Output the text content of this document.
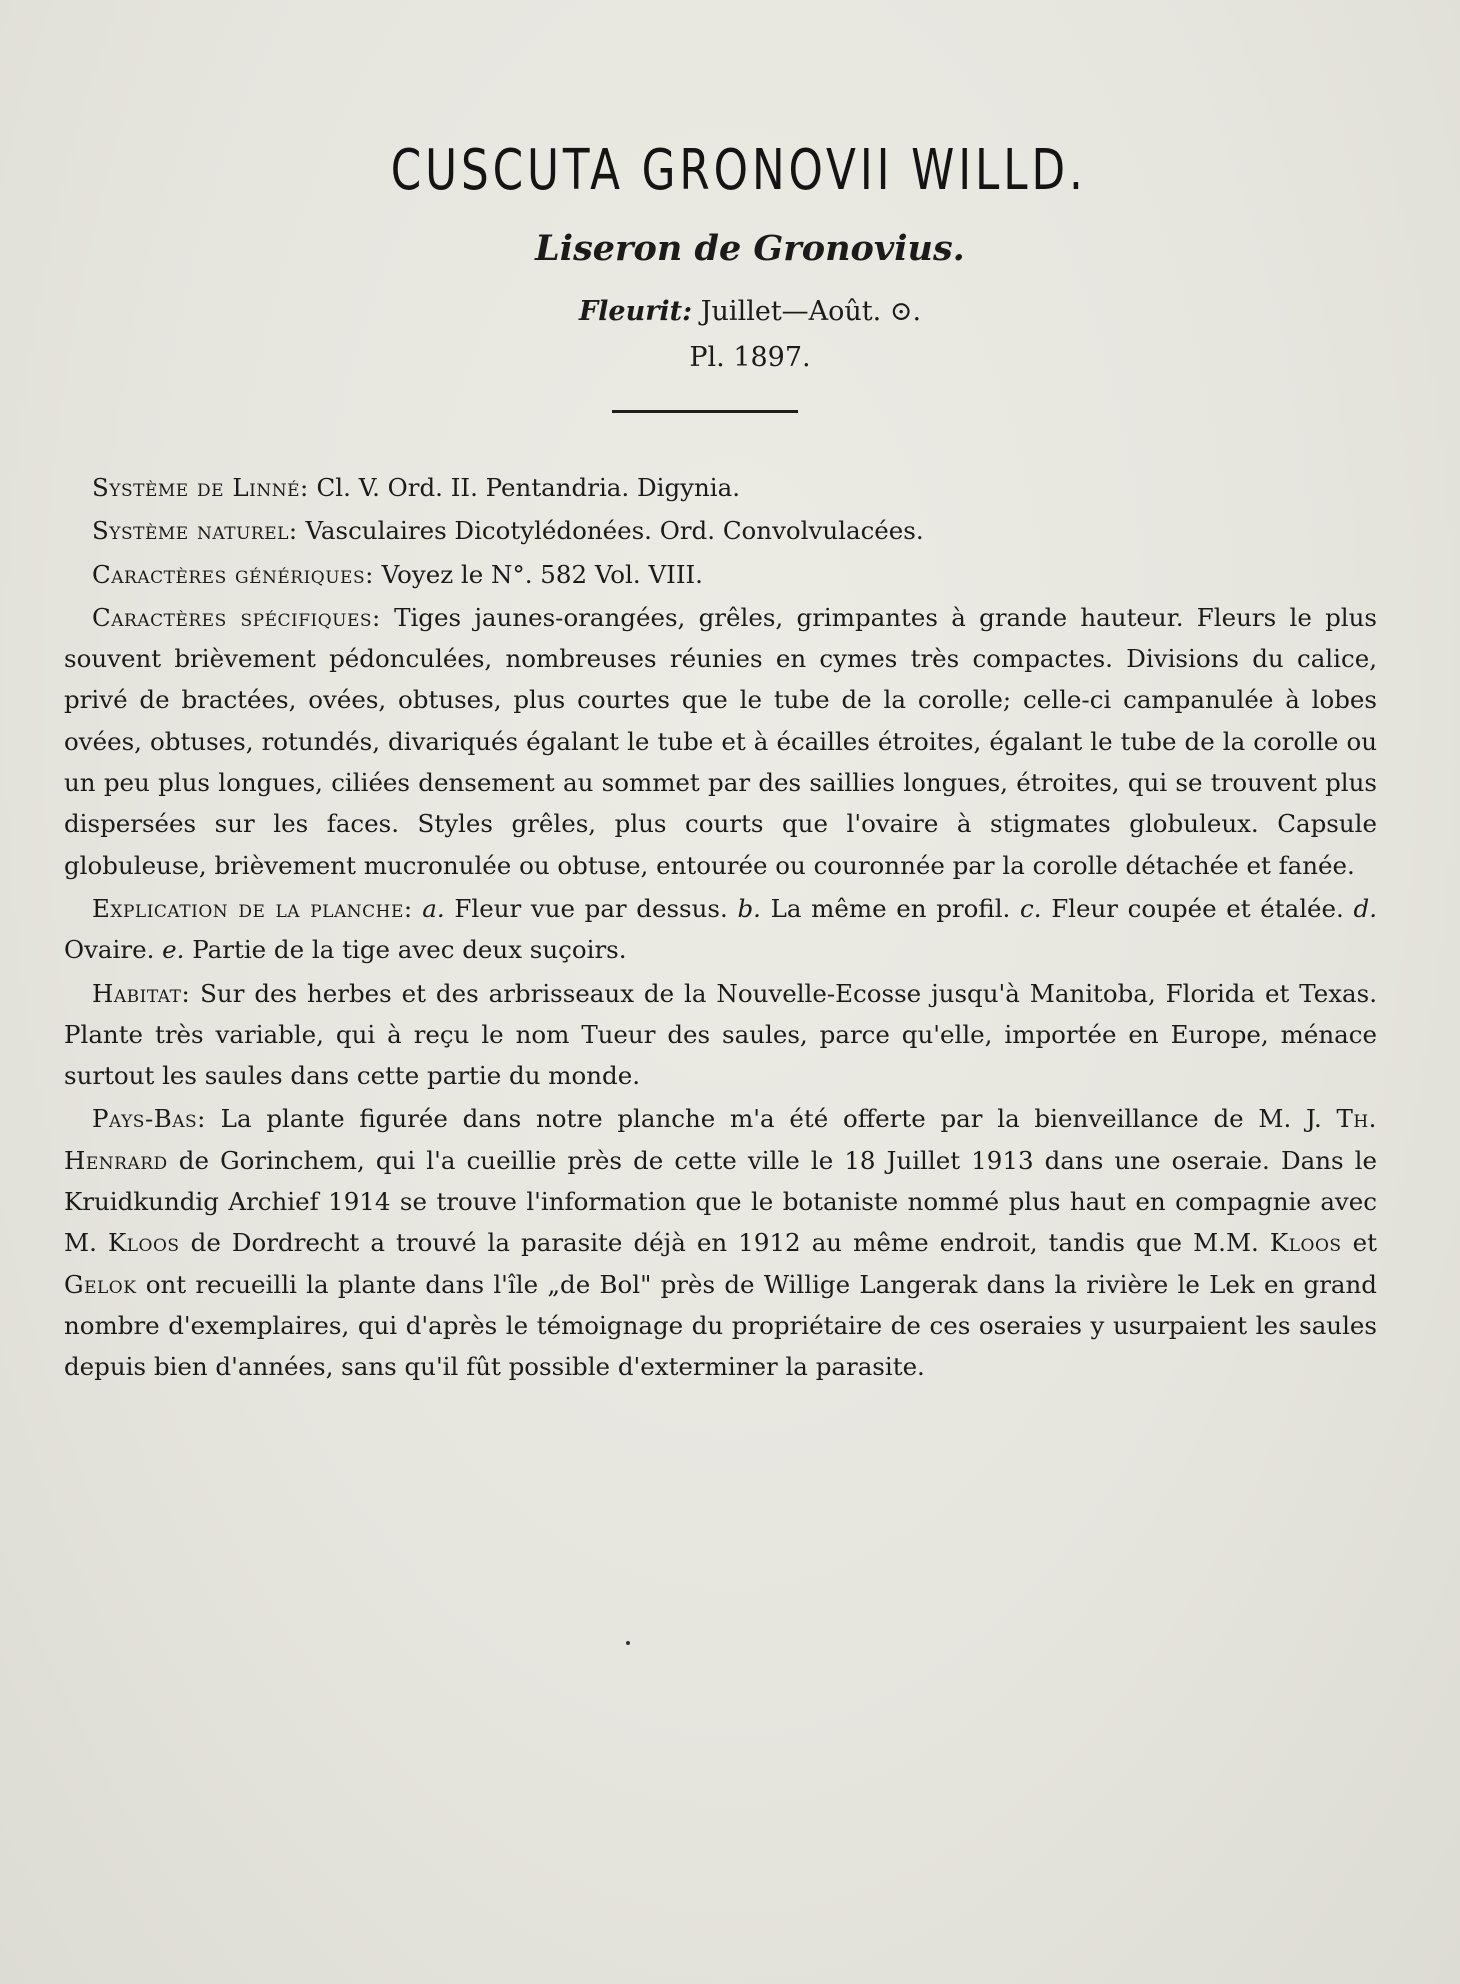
CUSCUTA GRONOVII WILLD.
Liseron de Gronovius.
Fleurit: Juillet—Août. ⊙.
Pl. 1897.

Système de Linné: Cl. V. Ord. II. Pentandria. Digynia.

Système naturel: Vasculaires Dicotylédonées. Ord. Convolvulacées.

Caractères génériques: Voyez le N°. 582 Vol. VIII.

Caractères spécifiques: Tiges jaunes-orangées, grêles, grimpantes à grande hauteur. Fleurs le plus souvent brièvement pédonculées, nombreuses réunies en cymes très compactes. Divisions du calice, privé de bractées, ovées, obtuses, plus courtes que le tube de la corolle; celle-ci campanulée à lobes ovées, obtuses, rotundés, divariqués égalant le tube et à écailles étroites, égalant le tube de la corolle ou un peu plus longues, ciliées densement au sommet par des saillies longues, étroites, qui se trouvent plus dispersées sur les faces. Styles grêles, plus courts que l'ovaire à stigmates globuleux. Capsule globuleuse, brièvement mucronulée ou obtuse, entourée ou couronnée par la corolle détachée et fanée.

Explication de la planche: a. Fleur vue par dessus. b. La même en profil. c. Fleur coupée et étalée. d. Ovaire. e. Partie de la tige avec deux suçoirs.

Habitat: Sur des herbes et des arbrisseaux de la Nouvelle-Ecosse jusqu'à Manitoba, Florida et Texas. Plante très variable, qui à reçu le nom Tueur des saules, parce qu'elle, importée en Europe, ménace surtout les saules dans cette partie du monde.

Pays-Bas: La plante figurée dans notre planche m'a été offerte par la bienveillance de M. J. Th. Henrard de Gorinchem, qui l'a cueillie près de cette ville le 18 Juillet 1913 dans une oseraie. Dans le Kruidkundig Archief 1914 se trouve l'information que le botaniste nommé plus haut en compagnie avec M. Kloos de Dordrecht a trouvé la parasite déjà en 1912 au même endroit, tandis que M.M. Kloos et Gelok ont recueilli la plante dans l'île „de Bol" près de Willige Langerak dans la rivière le Lek en grand nombre d'exemplaires, qui d'après le témoignage du propriétaire de ces oseraies y usurpaient les saules depuis bien d'années, sans qu'il fût possible d'exterminer la parasite.
